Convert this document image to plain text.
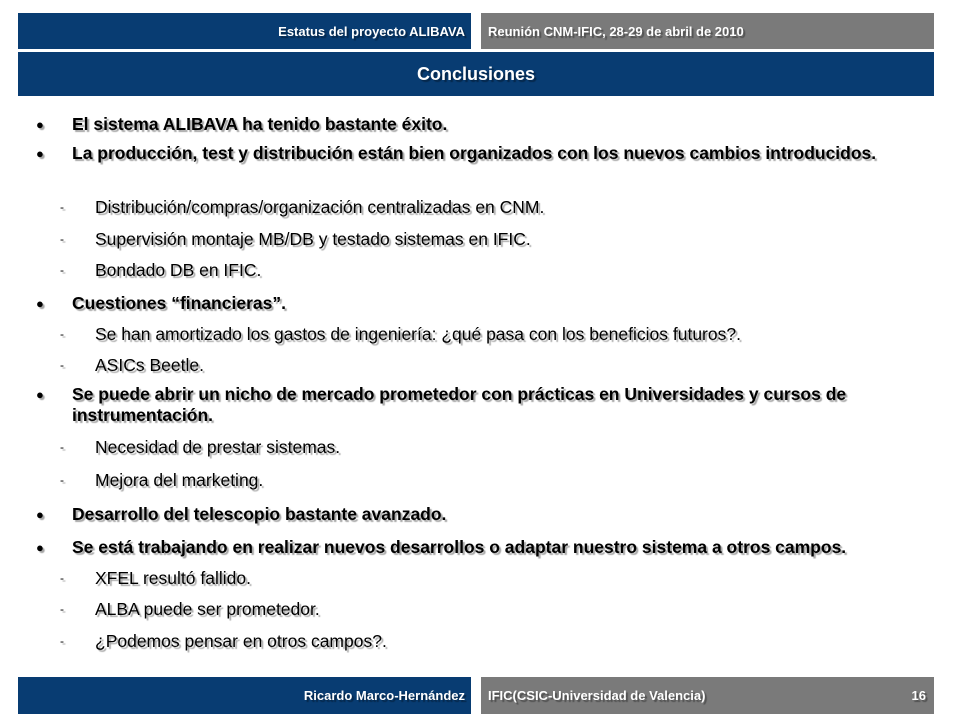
Estatus del proyecto ALIBAVA Reunión CNM-IFIC, 28-29 de abril de 2010
Conclusiones
● El sistema ALIBAVA ha tenido bastante éxito.
● La producción, test y distribución están bien organizados con los nuevos cambios introducidos.
-	Distribución/compras/organización centralizadas en CNM.
-	Supervisión montaje MB/DB y testado sistemas en IFIC.
-	Bondado DB en IFIC.
● Cuestiones “financieras”.
-	Se han amortizado los gastos de ingeniería: ¿qué pasa con los beneficios futuros?.
-	ASICs Beetle.
● Se puede abrir un nicho de mercado prometedor con prácticas en Universidades y cursos de instrumentación.
-	Necesidad de prestar sistemas.
-	Mejora del marketing.
● Desarrollo del telescopio bastante avanzado.
● Se está trabajando en realizar nuevos desarrollos o adaptar nuestro sistema a otros campos.
-	XFEL resultó fallido.
-	ALBA puede ser prometedor.
-	¿Podemos pensar en otros campos?.
Ricardo Marco-Hernández IFIC(CSIC-Universidad de Valencia)	16
